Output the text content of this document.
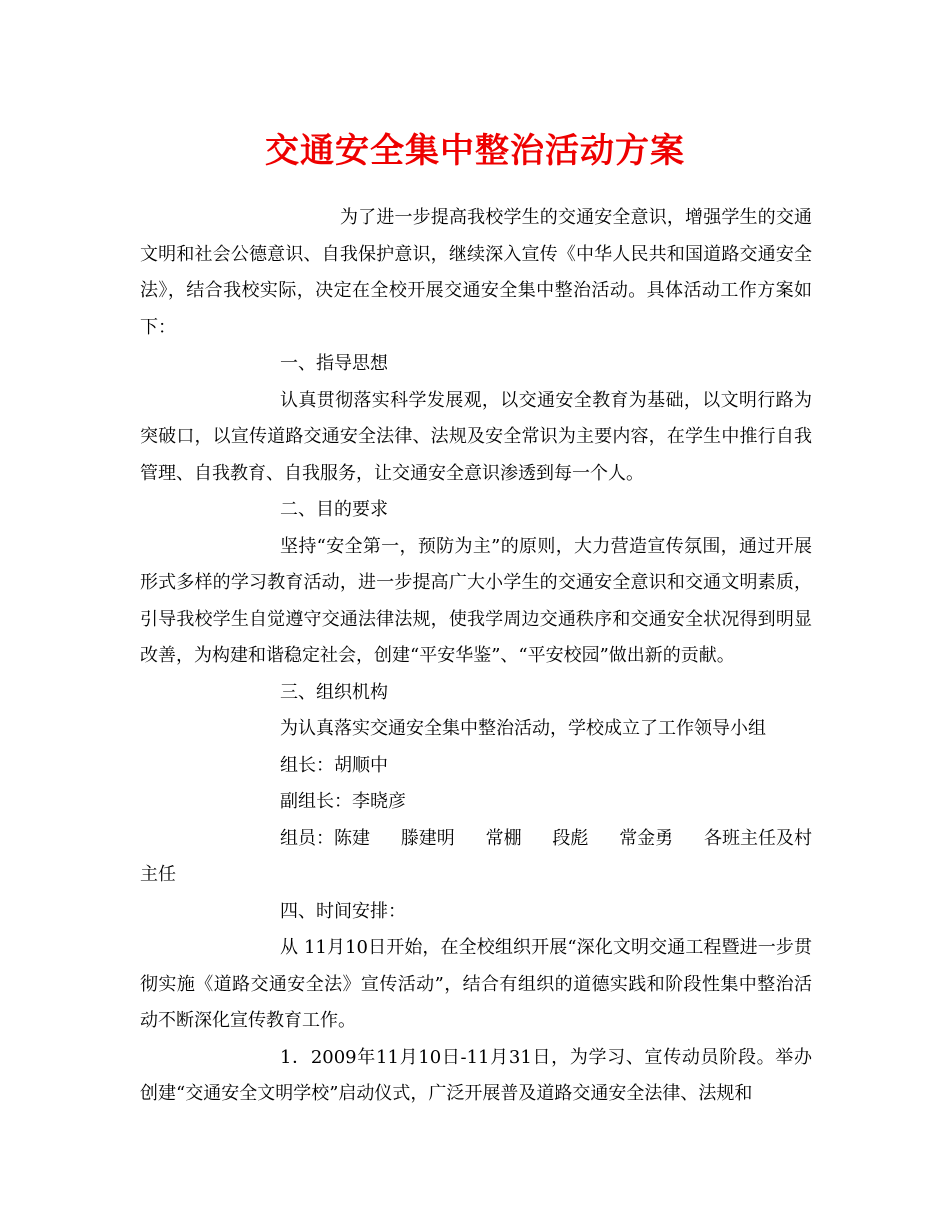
交通安全集中整治活动方案

为了进一步提高我校学生的交通安全意识，增强学生的交通文明和社会公德意识、自我保护意识，继续深入宣传《中华人民共和国道路交通安全法》，结合我校实际，决定在全校开展交通安全集中整治活动。具体活动工作方案如下：

一、指导思想

认真贯彻落实科学发展观，以交通安全教育为基础，以文明行路为突破口，以宣传道路交通安全法律、法规及安全常识为主要内容，在学生中推行自我管理、自我教育、自我服务，让交通安全意识渗透到每一个人。

二、目的要求

坚持“安全第一，预防为主”的原则，大力营造宣传氛围，通过开展形式多样的学习教育活动，进一步提高广大小学生的交通安全意识和交通文明素质，引导我校学生自觉遵守交通法律法规，使我学周边交通秩序和交通安全状况得到明显改善，为构建和谐稳定社会，创建“平安华鉴”、“平安校园”做出新的贡献。

三、组织机构

为认真落实交通安全集中整治活动，学校成立了工作领导小组

组长：胡顺中

副组长：李晓彦

组员：陈建 滕建明 常棚 段彪 常金勇 各班主任及村

主任

四、时间安排：

从 11月10日开始，在全校组织开展“深化文明交通工程暨进一步贯彻实施《道路交通安全法》宣传活动”，结合有组织的道德实践和阶段性集中整治活动不断深化宣传教育工作。

1．2009年11月10日-11月31日，为学习、宣传动员阶段。举办创建“交通安全文明学校”启动仪式，广泛开展普及道路交通安全法律、法规和
